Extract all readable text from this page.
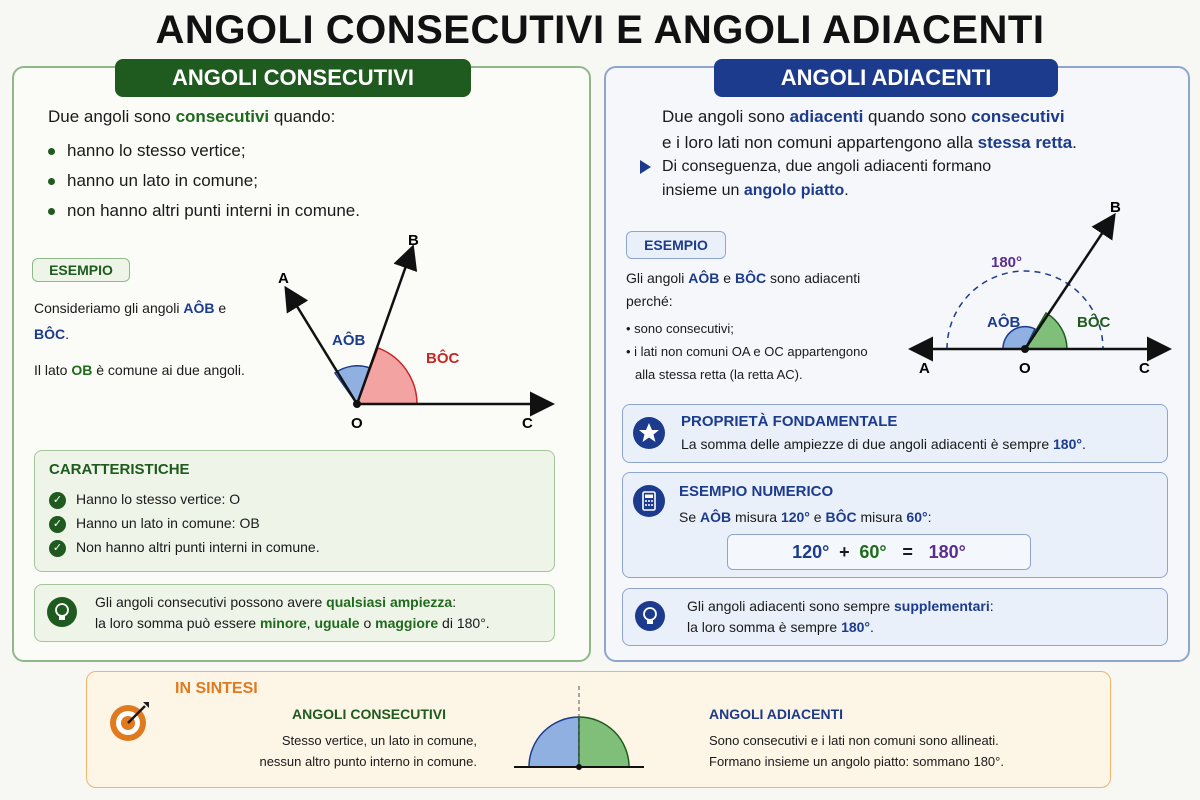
ANGOLI CONSECUTIVI E ANGOLI ADIACENTI
ANGOLI CONSECUTIVI
Due angoli sono consecutivi quando:
hanno lo stesso vertice;
hanno un lato in comune;
non hanno altri punti interni in comune.
ESEMPIO
Consideriamo gli angoli AÔB e
BÔC.
Il lato OB è comune ai due angoli.
A
B
O	C
AÔB
BÔC
CARATTERISTICHE
✓ Hanno lo stesso vertice: O
✓ Hanno un lato in comune: OB
✓ Non hanno altri punti interni in comune.
Gli angoli consecutivi possono avere qualsiasi ampiezza:
la loro somma può essere minore, uguale o maggiore di 180°.
ANGOLI ADIACENTI
Due angoli sono adiacenti quando sono consecutivi
e i loro lati non comuni appartengono alla stessa retta.
Di conseguenza, due angoli adiacenti formano
insieme un angolo piatto.
ESEMPIO
Gli angoli AÔB e BÔC sono adiacenti
perché:
• sono consecutivi;
• i lati non comuni OA e OC appartengono
alla stessa retta (la retta AC).
B
A	O	C
180°
AÔB	BÔC
PROPRIETÀ FONDAMENTALE
La somma delle ampiezze di due angoli adiacenti è sempre 180°.
ESEMPIO NUMERICO
Se AÔB misura 120° e BÔC misura 60°:
120° + 60° = 180°
Gli angoli adiacenti sono sempre supplementari:
la loro somma è sempre 180°.
IN SINTESI
ANGOLI CONSECUTIVI
Stesso vertice, un lato in comune,
nessun altro punto interno in comune.
ANGOLI ADIACENTI
Sono consecutivi e i lati non comuni sono allineati.
Formano insieme un angolo piatto: sommano 180°.
